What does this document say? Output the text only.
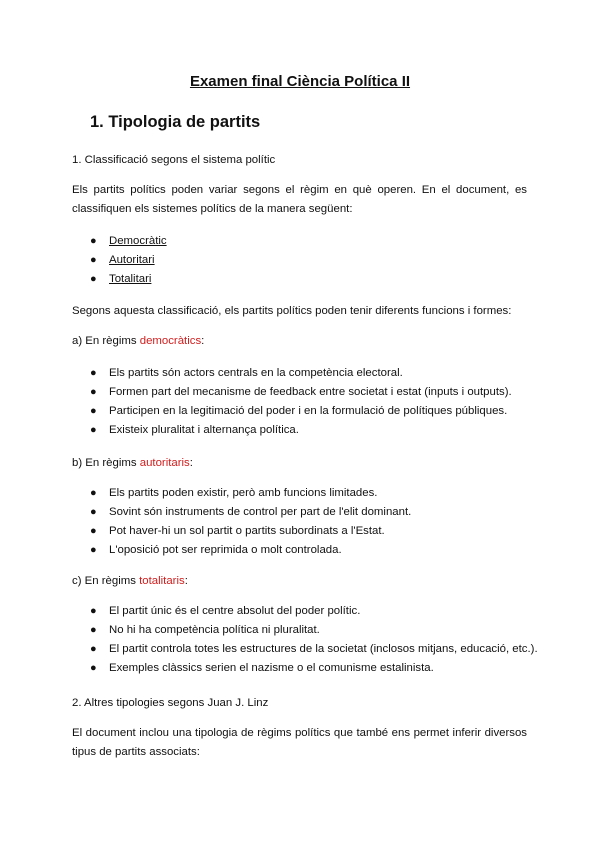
Examen final Ciència Política II
1. Tipologia de partits
1. Classificació segons el sistema polític
Els partits polítics poden variar segons el règim en què operen. En el document, es
classifiquen els sistemes polítics de la manera següent:
● Democràtic
● Autoritari
● Totalitari
Segons aquesta classificació, els partits polítics poden tenir diferents funcions i formes:
a) En règims democràtics:
● Els partits són actors centrals en la competència electoral.
● Formen part del mecanisme de feedback entre societat i estat (inputs i outputs).
● Participen en la legitimació del poder i en la formulació de polítiques públiques.
● Existeix pluralitat i alternança política.
b) En règims autoritaris:
● Els partits poden existir, però amb funcions limitades.
● Sovint són instruments de control per part de l'elit dominant.
● Pot haver-hi un sol partit o partits subordinats a l'Estat.
● L'oposició pot ser reprimida o molt controlada.
c) En règims totalitaris:
● El partit únic és el centre absolut del poder polític.
● No hi ha competència política ni pluralitat.
● El partit controla totes les estructures de la societat (inclosos mitjans, educació, etc.).
● Exemples clàssics serien el nazisme o el comunisme estalinista.
2. Altres tipologies segons Juan J. Linz
El document inclou una tipologia de règims polítics que també ens permet inferir diversos
tipus de partits associats:
